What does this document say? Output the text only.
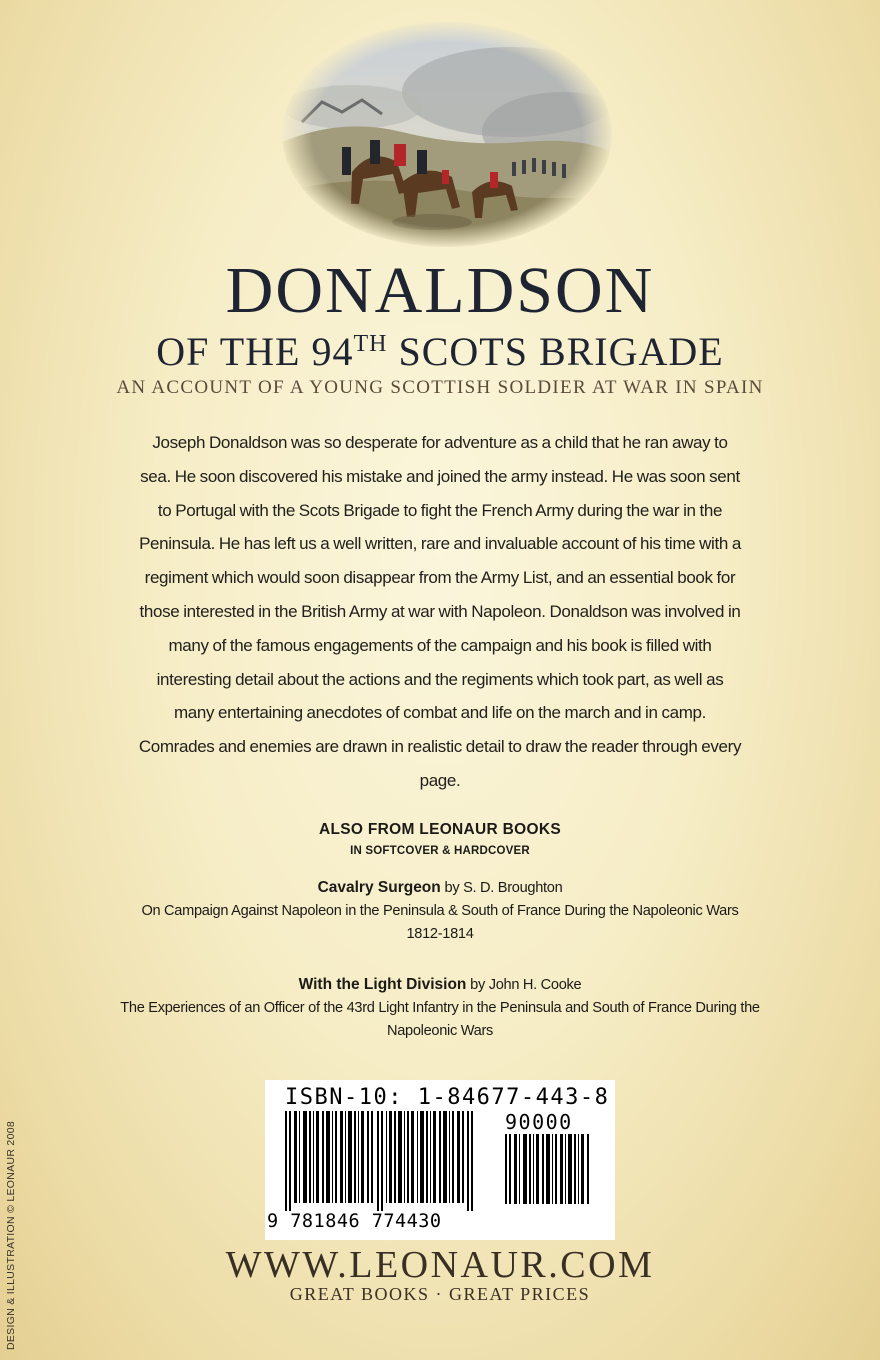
DONALDSON
OF THE 94TH SCOTS BRIGADE
AN ACCOUNT OF A YOUNG SCOTTISH SOLDIER AT WAR IN SPAIN

Joseph Donaldson was so desperate for adventure as a child that he ran away to sea. He soon discovered his mistake and joined the army instead. He was soon sent to Portugal with the Scots Brigade to fight the French Army during the war in the Peninsula. He has left us a well written, rare and invaluable account of his time with a regiment which would soon disappear from the Army List, and an essential book for those interested in the British Army at war with Napoleon. Donaldson was involved in many of the famous engagements of the campaign and his book is filled with interesting detail about the actions and the regiments which took part, as well as many entertaining anecdotes of combat and life on the march and in camp. Comrades and enemies are drawn in realistic detail to draw the reader through every page.

ALSO FROM LEONAUR BOOKS
IN SOFTCOVER & HARDCOVER
Cavalry Surgeon by S. D. Broughton
On Campaign Against Napoleon in the Peninsula & South of France During the Napoleonic Wars 1812-1814
With the Light Division by John H. Cooke
The Experiences of an Officer of the 43rd Light Infantry in the Peninsula and South of France During the Napoleonic Wars
ISBN-10: 1-84677-443-8
90000
9 781846 774430
WWW.LEONAUR.COM
GREAT BOOKS · GREAT PRICES
DESIGN & ILLUSTRATION © LEONAUR 2008
